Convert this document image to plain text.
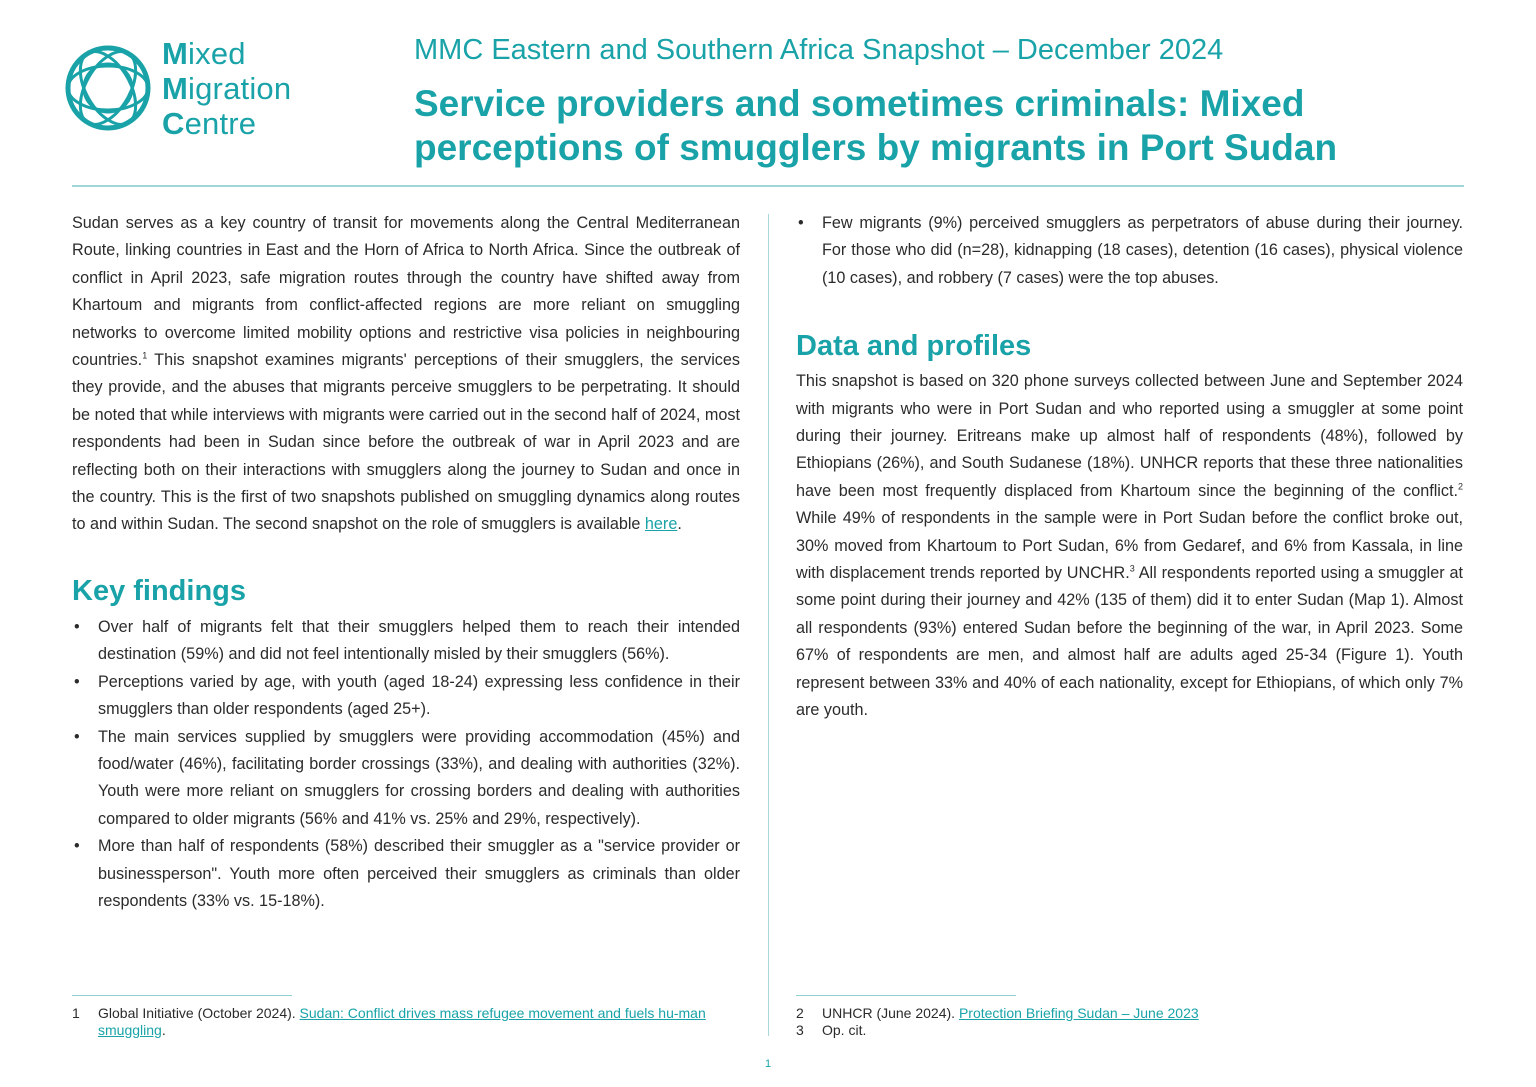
Mixed
Migration
Centre
MMC Eastern and Southern Africa Snapshot – December 2024
Service providers and sometimes criminals: Mixed perceptions of smugglers by migrants in Port Sudan

Sudan serves as a key country of transit for movements along the Central Mediterranean Route, linking countries in East and the Horn of Africa to North Africa. Since the outbreak of conflict in April 2023, safe migration routes through the country have shifted away from Khartoum and migrants from conflict-affected regions are more reliant on smuggling networks to overcome limited mobility options and restrictive visa policies in neighbouring countries.$^1$ This snapshot examines migrants' perceptions of their smugglers, the services they provide, and the abuses that migrants perceive smugglers to be perpetrating. It should be noted that while interviews with migrants were carried out in the second half of 2024, most respondents had been in Sudan since before the outbreak of war in April 2023 and are reflecting both on their interactions with smugglers along the journey to Sudan and once in the country. This is the first of two snapshots published on smuggling dynamics along routes to and within Sudan. The second snapshot on the role of smugglers is available here.

Key findings
• Over half of migrants felt that their smugglers helped them to reach their intended destination (59%) and did not feel intentionally misled by their smugglers (56%).
• Perceptions varied by age, with youth (aged 18-24) expressing less confidence in their smugglers than older respondents (aged 25+).
• The main services supplied by smugglers were providing accommodation (45%) and food/water (46%), facilitating border crossings (33%), and dealing with authorities (32%). Youth were more reliant on smugglers for crossing borders and dealing with authorities compared to older migrants (56% and 41% vs. 25% and 29%, respectively).
• More than half of respondents (58%) described their smuggler as a "service provider or businessperson". Youth more often perceived their smugglers as criminals than older respondents (33% vs. 15-18%).
• Few migrants (9%) perceived smugglers as perpetrators of abuse during their journey. For those who did (n=28), kidnapping (18 cases), detention (16 cases), physical violence (10 cases), and robbery (7 cases) were the top abuses.
Data and profiles

This snapshot is based on 320 phone surveys collected between June and September 2024 with migrants who were in Port Sudan and who reported using a smuggler at some point during their journey. Eritreans make up almost half of respondents (48%), followed by Ethiopians (26%), and South Sudanese (18%). UNHCR reports that these three nationalities have been most frequently displaced from Khartoum since the beginning of the conflict.$^2$ While 49% of respondents in the sample were in Port Sudan before the conflict broke out, 30% moved from Khartoum to Port Sudan, 6% from Gedaref, and 6% from Kassala, in line with displacement trends reported by UNCHR.$^3$ All respondents reported using a smuggler at some point during their journey and 42% (135 of them) did it to enter Sudan (Map 1). Almost all respondents (93%) entered Sudan before the beginning of the war, in April 2023. Some 67% of respondents are men, and almost half are adults aged 25-34 (Figure 1). Youth represent between 33% and 40% of each nationality, except for Ethiopians, of which only 7% are youth.

1 Global Initiative (October 2024). Sudan: Conflict drives mass refugee movement and fuels hu-man smuggling.
2 UNHCR (June 2024). Protection Briefing Sudan – June 2023
3 Op. cit.
1
